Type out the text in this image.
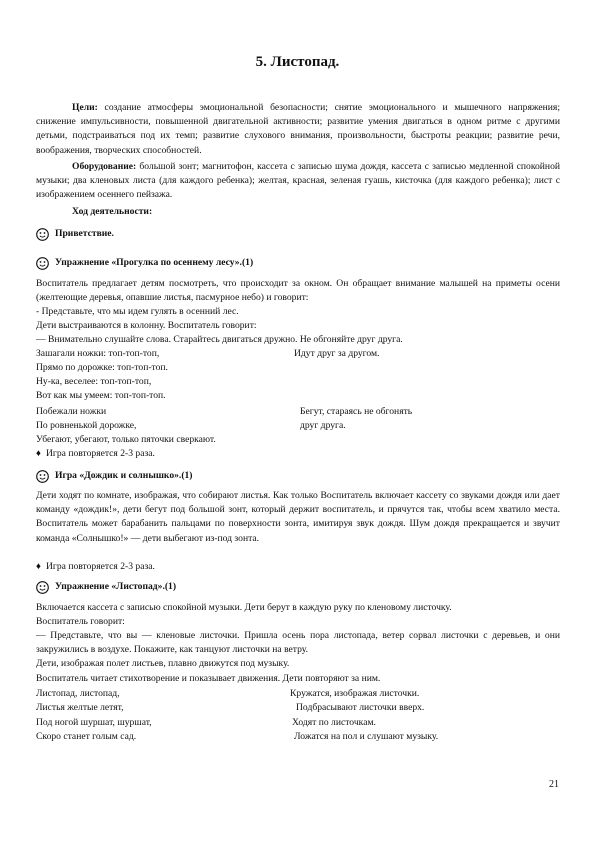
5. Листопад.
Цели: создание атмосферы эмоциональной безопасности; снятие эмоционального и мышечного напряжения; снижение импульсивности, повышенной двигательной активности; развитие умения двигаться в одном ритме с другими детьми, подстраиваться под их темп; развитие слухового внимания, произвольности, быстроты реакции; развитие речи, воображения, творческих способностей.
Оборудование: большой зонт; магнитофон, кассета с записью шума дождя, кассета с записью медленной спокойной музыки; два кленовых листа (для каждого ребенка); желтая, красная, зеленая гуашь, кисточка (для каждого ребенка); лист с изображением осеннего пейзажа.
Ход деятельности:
Приветствие.
Упражнение «Прогулка по осеннему лесу».(1)
Воспитатель предлагает детям посмотреть, что происходит за окном. Он обращает внимание малышей на приметы осени (желтеющие деревья, опавшие листья, пасмурное небо) и говорит:
- Представьте, что мы идем гулять в осенний лес.
Дети выстраиваются в колонну. Воспитатель говорит:
— Внимательно слушайте слова. Старайтесь двигаться дружно. Не обгоняйте друг друга.
Зашагали ножки: топ-топ-топ,	Идут друг за другом.
Прямо по дорожке: топ-топ-топ.
Ну-ка, веселее: топ-топ-топ,
Вот как мы умеем: топ-топ-топ.
Побежали ножки	Бегут, стараясь не обгонять
По ровненькой дорожке,	друг друга.
Убегают, убегают, только пяточки сверкают.
♦ Игра повторяется 2-3 раза.
Игра «Дождик и солнышко».(1)
Дети ходят по комнате, изображая, что собирают листья. Как только Воспитатель включает кассету со звуками дождя или дает команду «дождик!», дети бегут под большой зонт, который держит воспитатель, и прячутся так, чтобы всем хватило места. Воспитатель может барабанить пальцами по поверхности зонта, имитируя звук дождя. Шум дождя прекращается и звучит команда «Солнышко!» — дети выбегают из-под зонта.
♦ Игра повторяется 2-3 раза.
Упражнение «Листопад».(1)
Включается кассета с записью спокойной музыки. Дети берут в каждую руку по кленовому листочку.
Воспитатель говорит:
— Представьте, что вы — кленовые листочки. Пришла осень пора листопада, ветер сорвал листочки с деревьев, и они закружились в воздухе. Покажите, как танцуют листочки на ветру.
Дети, изображая полет листьев, плавно движутся под музыку.
Воспитатель читает стихотворение и показывает движения. Дети повторяют за ним.
Листопад, листопад,	Кружатся, изображая листочки.
Листья желтые летят,	Подбрасывают листочки вверх.
Под ногой шуршат, шуршат,	Ходят по листочкам.
Скоро станет голым сад.	Ложатся на пол и слушают музыку.
21
